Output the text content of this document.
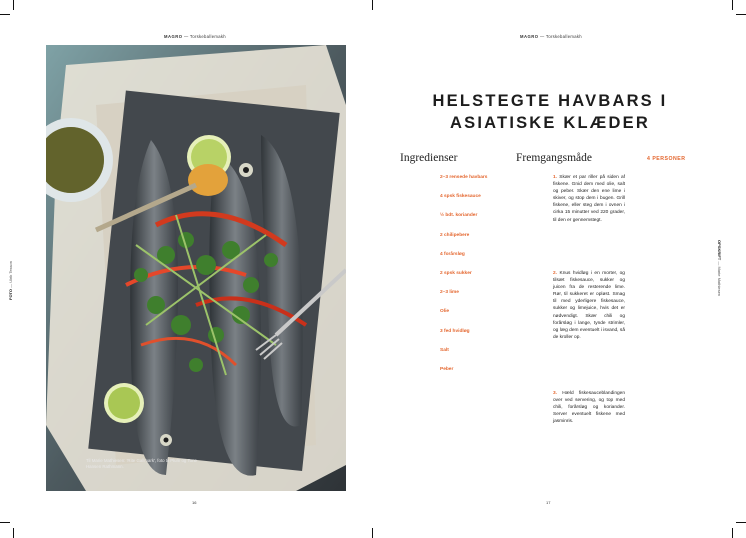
MAGRO — Torskeballemakh	MAGRO — Torskeballemakh
FOTO — Ulrik Tesson
OPSKRIFT — Marie Mathiesen
Til Marie Mathiesen: 'Rite Gallmark', foto til Plum og Tone Hansen Rathmann.
16	17
HELSTEGTE HAVBARS I ASIATISKE KLÆDER
Ingredienser	Fremgangsmåde	4 PERSONER
2–3 rensede havbars
4 spsk fiskesauce
½ bdt. koriander
2 chilipebere
4 forårsløg
2 spsk sukker
2–3 lime
Olie
3 fed hvidløg
Salt
Peber
1. Skær et par riller på siden af fiskene. Gnid dem med olie, salt og peber. Skær den ene lime i skiver, og stop dem i bugen. Grill fiskene, eller steg dem i ovnen i cirka 15 minutter ved 220 grader, til den er gennemstegt.
2. Knus hvidløg i en morter, og tilsæt fiskesauce, sukker og juicen fra de resterende lime. Rør, til sukkeret er opløst. Smag til med yderligere fiskesauce, sukker og limejuice, hvis det er nødvendigt. Skær chili og forårsløg i lange, tynde strimler, og læg dem eventuelt i isvand, så de kroller op.
3. Hæld fiskesauceblandingen over ved servering, og top med chili, forårsløg og koriander. Server eventuelt fiskene med jasminris.
